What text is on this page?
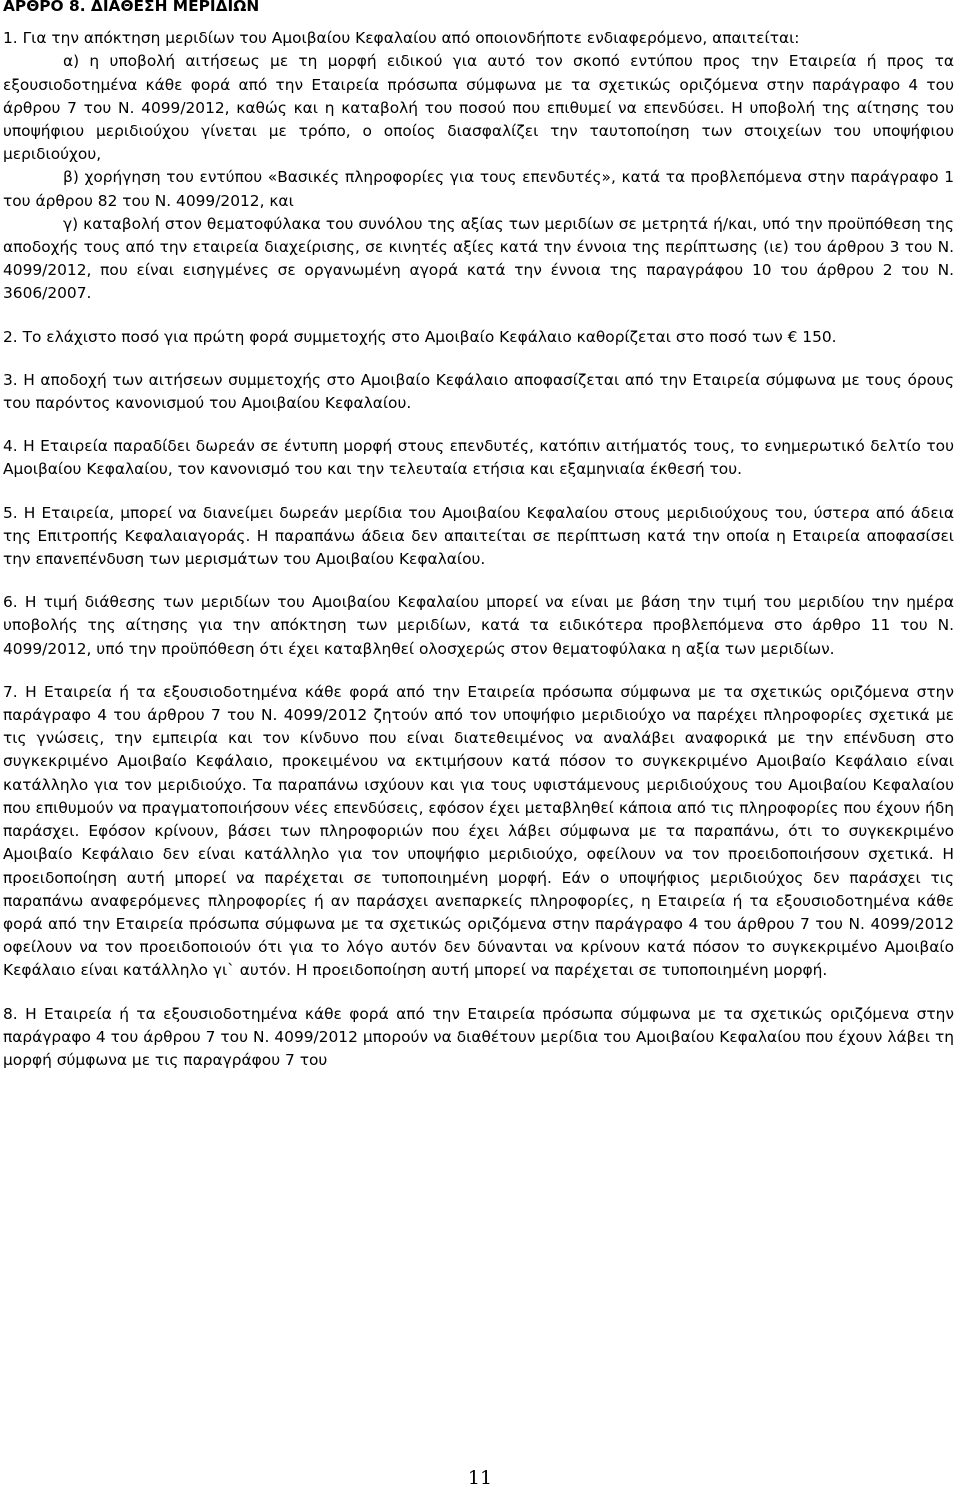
ΑΡΘΡΟ 8. ΔΙΑΘΕΣΗ ΜΕΡΙΔΙΩΝ

1. Για την απόκτηση μεριδίων του Αμοιβαίου Κεφαλαίου από οποιονδήποτε ενδιαφερόμενο, απαιτείται:

α) η υποβολή αιτήσεως με τη μορφή ειδικού για αυτό τον σκοπό εντύπου προς την Εταιρεία ή προς τα εξουσιοδοτημένα κάθε φορά από την Εταιρεία πρόσωπα σύμφωνα με τα σχετικώς οριζόμενα στην παράγραφο 4 του άρθρου 7 του Ν. 4099/2012, καθώς και η καταβολή του ποσού που επιθυμεί να επενδύσει. Η υποβολή της αίτησης του υποψήφιου μεριδιούχου γίνεται με τρόπο, ο οποίος διασφαλίζει την ταυτοποίηση των στοιχείων του υποψήφιου μεριδιούχου,

β) χορήγηση του εντύπου «Βασικές πληροφορίες για τους επενδυτές», κατά τα προβλεπόμενα στην παράγραφο 1 του άρθρου 82 του Ν. 4099/2012, και

γ) καταβολή στον θεματοφύλακα του συνόλου της αξίας των μεριδίων σε μετρητά ή/και, υπό την προϋπόθεση της αποδοχής τους από την εταιρεία διαχείρισης, σε κινητές αξίες κατά την έννοια της περίπτωσης (ιε) του άρθρου 3 του Ν. 4099/2012, που είναι εισηγμένες σε οργανωμένη αγορά κατά την έννοια της παραγράφου 10 του άρθρου 2 του Ν. 3606/2007.

2. Το ελάχιστο ποσό για πρώτη φορά συμμετοχής στο Αμοιβαίο Κεφάλαιο καθορίζεται στο ποσό των € 150.

3. Η αποδοχή των αιτήσεων συμμετοχής στο Αμοιβαίο Κεφάλαιο αποφασίζεται από την Εταιρεία σύμφωνα με τους όρους του παρόντος κανονισμού του Αμοιβαίου Κεφαλαίου.

4. Η Εταιρεία παραδίδει δωρεάν σε έντυπη μορφή στους επενδυτές, κατόπιν αιτήματός τους, το ενημερωτικό δελτίο του Αμοιβαίου Κεφαλαίου, τον κανονισμό του και την τελευταία ετήσια και εξαμηνιαία έκθεσή του.

5. Η Εταιρεία, μπορεί να διανείμει δωρεάν μερίδια του Αμοιβαίου Κεφαλαίου στους μεριδιούχους του, ύστερα από άδεια της Επιτροπής Κεφαλαιαγοράς. Η παραπάνω άδεια δεν απαιτείται σε περίπτωση κατά την οποία η Εταιρεία αποφασίσει την επανεπένδυση των μερισμάτων του Αμοιβαίου Κεφαλαίου.

6. Η τιμή διάθεσης των μεριδίων του Αμοιβαίου Κεφαλαίου μπορεί να είναι με βάση την τιμή του μεριδίου την ημέρα υποβολής της αίτησης για την απόκτηση των μεριδίων, κατά τα ειδικότερα προβλεπόμενα στο άρθρο 11 του Ν. 4099/2012, υπό την προϋπόθεση ότι έχει καταβληθεί ολοσχερώς στον θεματοφύλακα η αξία των μεριδίων.

7. Η Εταιρεία ή τα εξουσιοδοτημένα κάθε φορά από την Εταιρεία πρόσωπα σύμφωνα με τα σχετικώς οριζόμενα στην παράγραφο 4 του άρθρου 7 του Ν. 4099/2012 ζητούν από τον υποψήφιο μεριδιούχο να παρέχει πληροφορίες σχετικά με τις γνώσεις, την εμπειρία και τον κίνδυνο που είναι διατεθειμένος να αναλάβει αναφορικά με την επένδυση στο συγκεκριμένο Αμοιβαίο Κεφάλαιο, προκειμένου να εκτιμήσουν κατά πόσον το συγκεκριμένο Αμοιβαίο Κεφάλαιο είναι κατάλληλο για τον μεριδιούχο. Τα παραπάνω ισχύουν και για τους υφιστάμενους μεριδιούχους του Αμοιβαίου Κεφαλαίου που επιθυμούν να πραγματοποιήσουν νέες επενδύσεις, εφόσον έχει μεταβληθεί κάποια από τις πληροφορίες που έχουν ήδη παράσχει. Εφόσον κρίνουν, βάσει των πληροφοριών που έχει λάβει σύμφωνα με τα παραπάνω, ότι το συγκεκριμένο Αμοιβαίο Κεφάλαιο δεν είναι κατάλληλο για τον υποψήφιο μεριδιούχο, οφείλουν να τον προειδοποιήσουν σχετικά. Η προειδοποίηση αυτή μπορεί να παρέχεται σε τυποποιημένη μορφή. Εάν ο υποψήφιος μεριδιούχος δεν παράσχει τις παραπάνω αναφερόμενες πληροφορίες ή αν παράσχει ανεπαρκείς πληροφορίες, η Εταιρεία ή τα εξουσιοδοτημένα κάθε φορά από την Εταιρεία πρόσωπα σύμφωνα με τα σχετικώς οριζόμενα στην παράγραφο 4 του άρθρου 7 του Ν. 4099/2012 οφείλουν να τον προειδοποιούν ότι για το λόγο αυτόν δεν δύνανται να κρίνουν κατά πόσον το συγκεκριμένο Αμοιβαίο Κεφάλαιο είναι κατάλληλο γι` αυτόν. Η προειδοποίηση αυτή μπορεί να παρέχεται σε τυποποιημένη μορφή.

8. Η Εταιρεία ή τα εξουσιοδοτημένα κάθε φορά από την Εταιρεία πρόσωπα σύμφωνα με τα σχετικώς οριζόμενα στην παράγραφο 4 του άρθρου 7 του Ν. 4099/2012 μπορούν να διαθέτουν μερίδια του Αμοιβαίου Κεφαλαίου που έχουν λάβει τη μορφή σύμφωνα με τις παραγράφου 7 του

11
